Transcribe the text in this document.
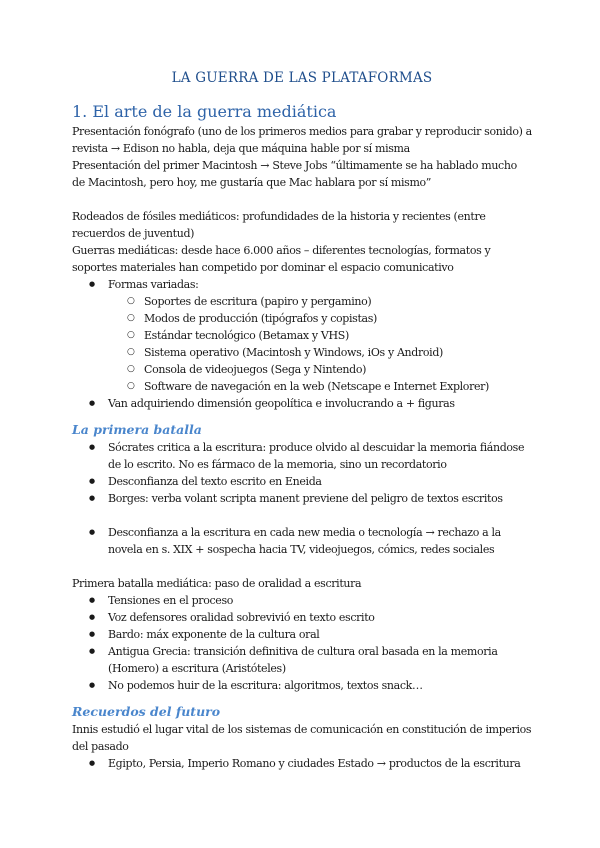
LA GUERRA DE LAS PLATAFORMAS
1. El arte de la guerra mediática

Presentación fonógrafo (uno de los primeros medios para grabar y reproducir sonido) a revista → Edison no habla, deja que máquina hable por sí misma

Presentación del primer Macintosh → Steve Jobs “últimamente se ha hablado mucho de Macintosh, pero hoy, me gustaría que Mac hablara por sí mismo”

Rodeados de fósiles mediáticos: profundidades de la historia y recientes (entre recuerdos de juventud)

Guerras mediáticas: desde hace 6.000 años – diferentes tecnologías, formatos y soportes materiales han competido por dominar el espacio comunicativo

● Formas variadas:
○ Soportes de escritura (papiro y pergamino)
○ Modos de producción (tipógrafos y copistas)
○ Estándar tecnológico (Betamax y VHS)
○ Sistema operativo (Macintosh y Windows, iOs y Android)
○ Consola de videojuegos (Sega y Nintendo)
○ Software de navegación en la web (Netscape e Internet Explorer)
● Van adquiriendo dimensión geopolítica e involucrando a + figuras
La primera batalla
● Sócrates critica a la escritura: produce olvido al descuidar la memoria fiándose de lo escrito. No es fármaco de la memoria, sino un recordatorio
● Desconfianza del texto escrito en Eneida
● Borges: verba volant scripta manent previene del peligro de textos escritos
● Desconfianza a la escritura en cada new media o tecnología → rechazo a la novela en s. XIX + sospecha hacia TV, videojuegos, cómics, redes sociales

Primera batalla mediática: paso de oralidad a escritura

● Tensiones en el proceso
● Voz defensores oralidad sobrevivió en texto escrito
● Bardo: máx exponente de la cultura oral
● Antigua Grecia: transición definitiva de cultura oral basada en la memoria (Homero) a escritura (Aristóteles)
● No podemos huir de la escritura: algoritmos, textos snack…
Recuerdos del futuro

Innis estudió el lugar vital de los sistemas de comunicación en constitución de imperios del pasado

● Egipto, Persia, Imperio Romano y ciudades Estado → productos de la escritura
